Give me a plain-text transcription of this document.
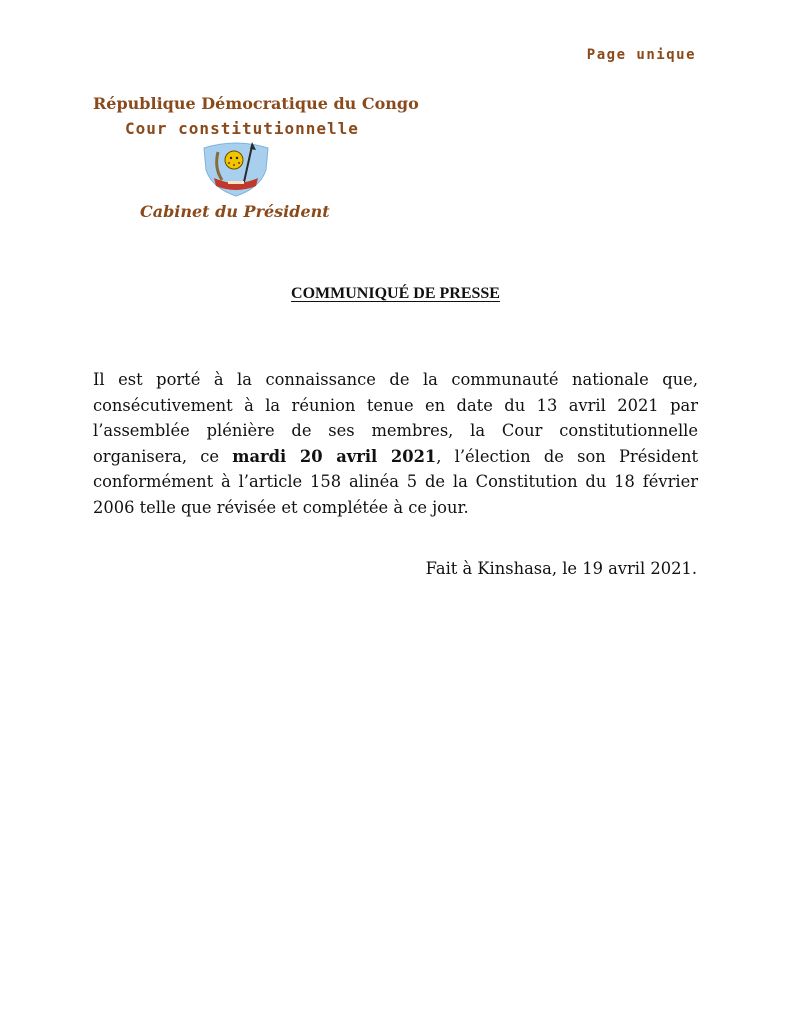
Page unique
République Démocratique du Congo
Cour constitutionnelle
Cabinet du Président
COMMUNIQUÉ DE PRESSE
Il est porté à la connaissance de la communauté nationale que, consécutivement à la réunion tenue en date du 13 avril 2021 par l’assemblée plénière de ses membres, la Cour constitutionnelle organisera, ce mardi 20 avril 2021, l’élection de son Président conformément à l’article 158 alinéa 5 de la Constitution du 18 février 2006 telle que révisée et complétée à ce jour.
Fait à Kinshasa, le 19 avril 2021.
